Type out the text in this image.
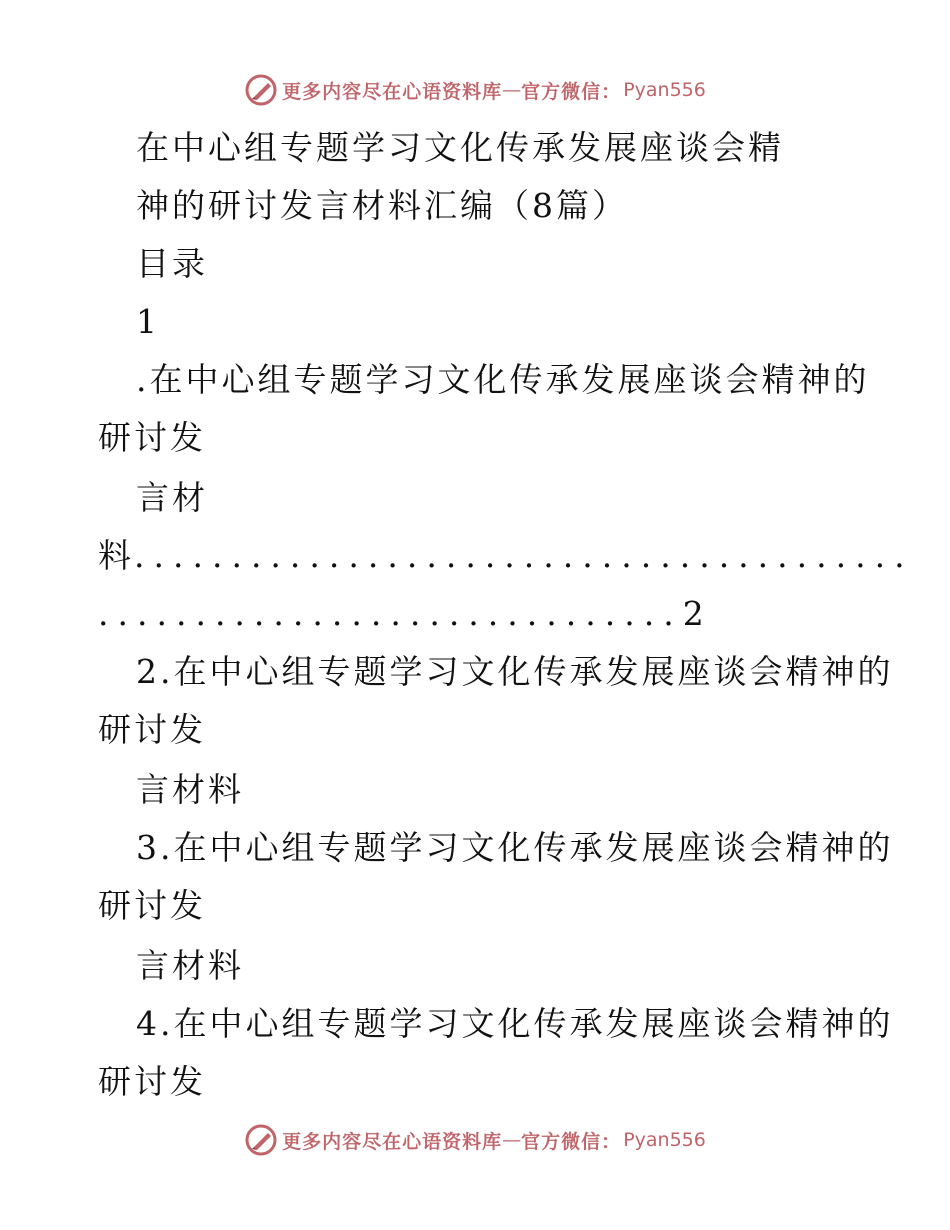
更多内容尽在心语资料库 — 官方微信： Pyan556
在中心组专题学习文化传承发展座谈会精
神的研讨发言材料汇编（8篇）
目录
1
.在中心组专题学习文化传承发展座谈会精神的
研讨发
言材
料........................................
..............................2
2.在中心组专题学习文化传承发展座谈会精神的
研讨发
言材料
3.在中心组专题学习文化传承发展座谈会精神的
研讨发
言材料
4.在中心组专题学习文化传承发展座谈会精神的
研讨发
更多内容尽在心语资料库 — 官方微信： Pyan556
